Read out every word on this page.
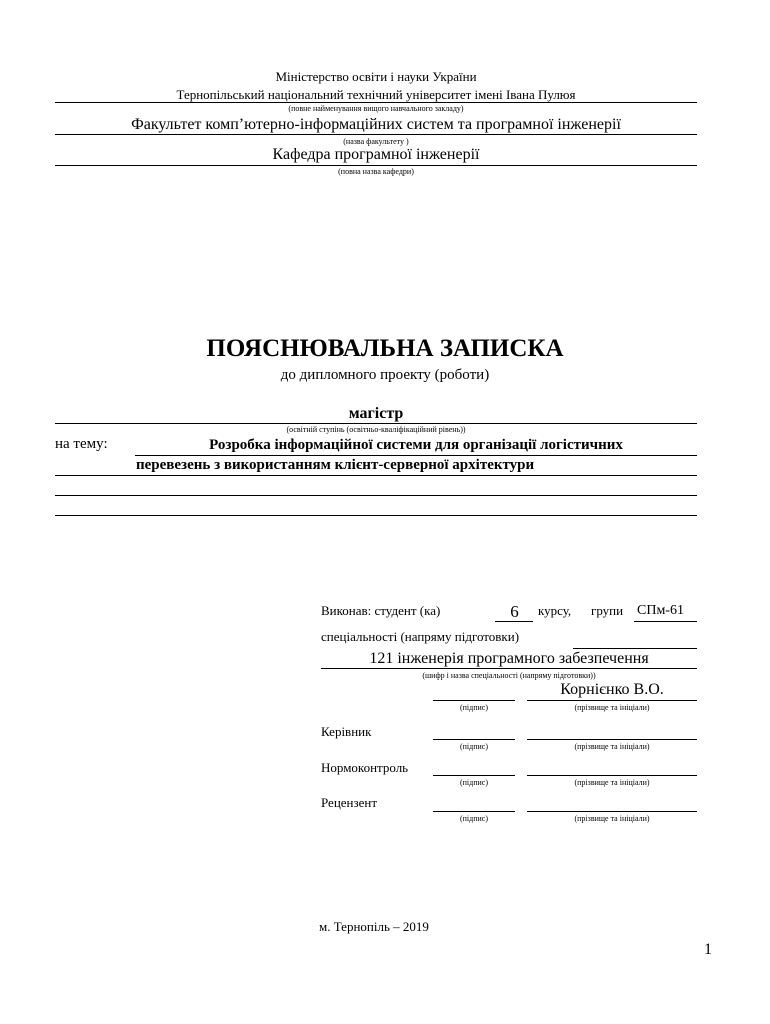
Міністерство освіти і науки України
Тернопільський національний технічний університет імені Івана Пулюя
(повне найменування вищого навчального закладу)
Факультет комп’ютерно-інформаційних систем та програмної інженерії
(назва факультету )
Кафедра програмної інженерії
(повна назва кафедри)
ПОЯСНЮВАЛЬНА ЗАПИСКА
до дипломного проекту (роботи)
магістр
(освітній ступінь (освітньо-кваліфікаційний рівень))
на тему:	Розробка інформаційної системи для організації логістичних
перевезень з використанням клієнт-серверної архітектури
Виконав: студент (ка)	6	курсу, групи СПм-61
спеціальності (напряму підготовки)
121 інженерія програмного забезпечення
(шифр і назва спеціальності (напряму підготовки))
Корнієнко В.О.
(підпис)	(прізвище та ініціали)
Керівник
(підпис)	(прізвище та ініціали)
Нормоконтроль
(підпис)	(прізвище та ініціали)
Рецензент
(підпис)	(прізвище та ініціали)
м. Тернопіль – 2019
1
